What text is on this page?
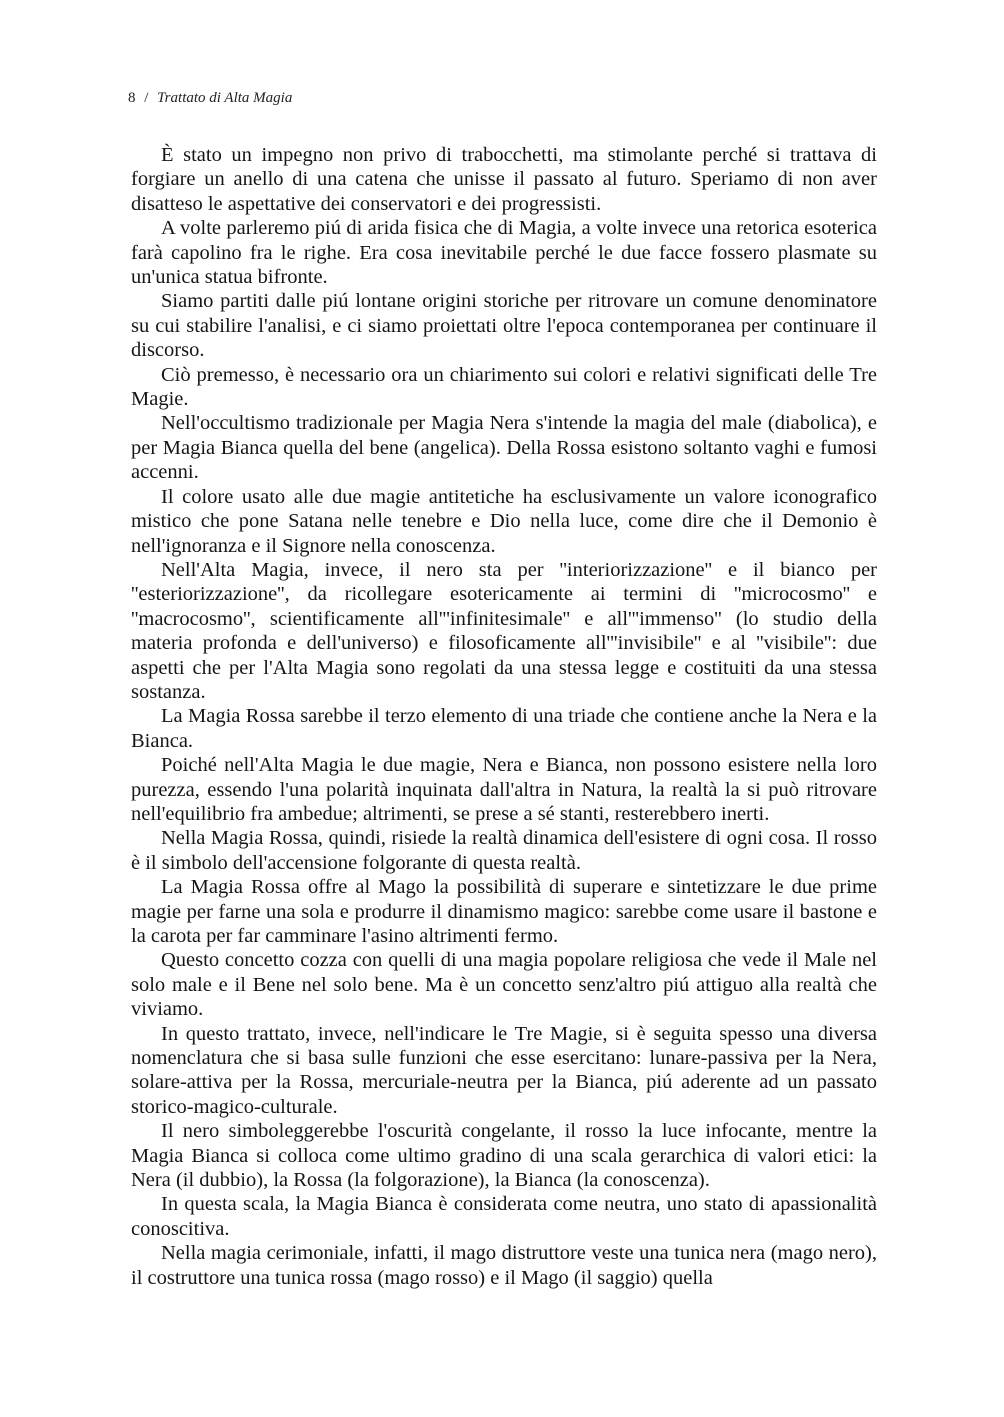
8 / Trattato di Alta Magia

È stato un impegno non privo di trabocchetti, ma stimolante perché si trattava di forgiare un anello di una catena che unisse il passato al futuro. Speriamo di non aver disatteso le aspettative dei conservatori e dei progressisti.

A volte parleremo piú di arida fisica che di Magia, a volte invece una retorica esoterica farà capolino fra le righe. Era cosa inevitabile perché le due facce fossero plasmate su un'unica statua bifronte.

Siamo partiti dalle piú lontane origini storiche per ritrovare un comune denominatore su cui stabilire l'analisi, e ci siamo proiettati oltre l'epoca contemporanea per continuare il discorso.

Ciò premesso, è necessario ora un chiarimento sui colori e relativi significati delle Tre Magie.

Nell'occultismo tradizionale per Magia Nera s'intende la magia del male (diabolica), e per Magia Bianca quella del bene (angelica). Della Rossa esistono soltanto vaghi e fumosi accenni.

Il colore usato alle due magie antitetiche ha esclusivamente un valore iconografico mistico che pone Satana nelle tenebre e Dio nella luce, come dire che il Demonio è nell'ignoranza e il Signore nella conoscenza.

Nell'Alta Magia, invece, il nero sta per ''interiorizzazione'' e il bianco per ''esteriorizzazione'', da ricollegare esotericamente ai termini di ''microcosmo'' e ''macrocosmo'', scientificamente all'''infinitesimale'' e all'''immenso'' (lo studio della materia profonda e dell'universo) e filosoficamente all'''invisibile'' e al ''visibile'': due aspetti che per l'Alta Magia sono regolati da una stessa legge e costituiti da una stessa sostanza.

La Magia Rossa sarebbe il terzo elemento di una triade che contiene anche la Nera e la Bianca.

Poiché nell'Alta Magia le due magie, Nera e Bianca, non possono esistere nella loro purezza, essendo l'una polarità inquinata dall'altra in Natura, la realtà la si può ritrovare nell'equilibrio fra ambedue; altrimenti, se prese a sé stanti, resterebbero inerti.

Nella Magia Rossa, quindi, risiede la realtà dinamica dell'esistere di ogni cosa. Il rosso è il simbolo dell'accensione folgorante di questa realtà.

La Magia Rossa offre al Mago la possibilità di superare e sintetizzare le due prime magie per farne una sola e produrre il dinamismo magico: sarebbe come usare il bastone e la carota per far camminare l'asino altrimenti fermo.

Questo concetto cozza con quelli di una magia popolare religiosa che vede il Male nel solo male e il Bene nel solo bene. Ma è un concetto senz'altro piú attiguo alla realtà che viviamo.

In questo trattato, invece, nell'indicare le Tre Magie, si è seguita spesso una diversa nomenclatura che si basa sulle funzioni che esse esercitano: lunare-passiva per la Nera, solare-attiva per la Rossa, mercuriale-neutra per la Bianca, piú aderente ad un passato storico-magico-culturale.

Il nero simboleggerebbe l'oscurità congelante, il rosso la luce infocante, mentre la Magia Bianca si colloca come ultimo gradino di una scala gerarchica di valori etici: la Nera (il dubbio), la Rossa (la folgorazione), la Bianca (la conoscenza).

In questa scala, la Magia Bianca è considerata come neutra, uno stato di apassionalità conoscitiva.

Nella magia cerimoniale, infatti, il mago distruttore veste una tunica nera (mago nero), il costruttore una tunica rossa (mago rosso) e il Mago (il saggio) quella
